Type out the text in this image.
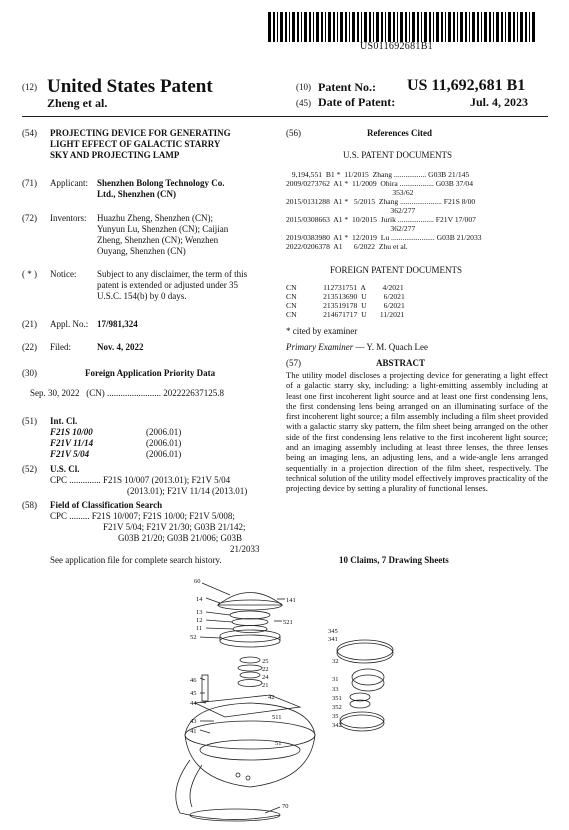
US011692681B1
(12) United States Patent
Zheng et al.
(10) Patent No.: US 11,692,681 B1
(45) Date of Patent:	Jul. 4, 2023
(54) PROJECTING DEVICE FOR GENERATING
LIGHT EFFECT OF GALACTIC STARRY
SKY AND PROJECTING LAMP
(71) Applicant: Shenzhen Bolong Technology Co.
Ltd., Shenzhen (CN)
(72) Inventors: Huazhu Zheng, Shenzhen (CN);
Yunyun Lu, Shenzhen (CN); Caijian
Zheng, Shenzhen (CN); Wenzhen
Ouyang, Shenzhen (CN)
( * ) Notice: Subject to any disclaimer, the term of this
patent is extended or adjusted under 35
U.S.C. 154(b) by 0 days.
(21) Appl. No.: 17/981,324
(22) Filed:	Nov. 4, 2022
(30)	Foreign Application Priority Data
Sep. 30, 2022   (CN) ........................ 202222637125.8
(51) Int. Cl.
F21S 10/00	(2006.01)
F21V 11/14	(2006.01)
F21V 5/04	(2006.01)
(52) U.S. Cl.
CPC .............. F21S 10/007 (2013.01); F21V 5/04
(2013.01); F21V 11/14 (2013.01)
(58) Field of Classification Search
CPC ......... F21S 10/007; F21S 10/00; F21V 5/008;
F21V 5/04; F21V 21/30; G03B 21/142;
G03B 21/20; G03B 21/006; G03B
21/2033
See application file for complete search history.
(56)	References Cited
U.S. PATENT DOCUMENTS
9,194,551  B1 *  11/2015  Zhang ................. G03B 21/145
2009/0273762  A1 *  11/2009  Ohira .................. G03B 37/04
353/62
2015/0131288  A1 *   5/2015  Zhang ...................... F21S 8/00
362/277
2015/0308663  A1 *  10/2015  Jurik ................... F21V 17/007
362/277
2019/0383980  A1 *  12/2019  Lu ....................... G03B 21/2033
2022/0206378  A1      6/2022  Zhu et al.
FOREIGN PATENT DOCUMENTS
CN              112731751  A         4/2021
CN              213513690  U         6/2021
CN              213519178  U         6/2021
CN              214671717  U       11/2021
* cited by examiner
Primary Examiner — Y. M. Quach Lee
(57)	ABSTRACT
The utility model discloses a projecting device for generating a light effect of a galactic starry sky, including: a light-emitting assembly including at least one first incoherent light source and at least one first condensing lens, the first condensing lens being arranged on an illuminating surface of the first incoherent light source; a film assembly including a film sheet provided with a galactic starry sky pattern, the film sheet being arranged on the other side of the first condensing lens relative to the first incoherent light source; and an imaging assembly including at least three lenses, the three lenses being an imaging lens, an adjusting lens, and a wide-angle lens arranged sequentially in a projection direction of the film sheet, respectively. The technical solution of the utility model effectively improves practicality of the projecting device by setting a plurality of functional lenses.
10 Claims, 7 Drawing Sheets
60
14
13
12
11
52
141
521
46
45
44
43
41
25
22
24
21
42
511
51
70
345
341
32
31
33
351
352
35
342
